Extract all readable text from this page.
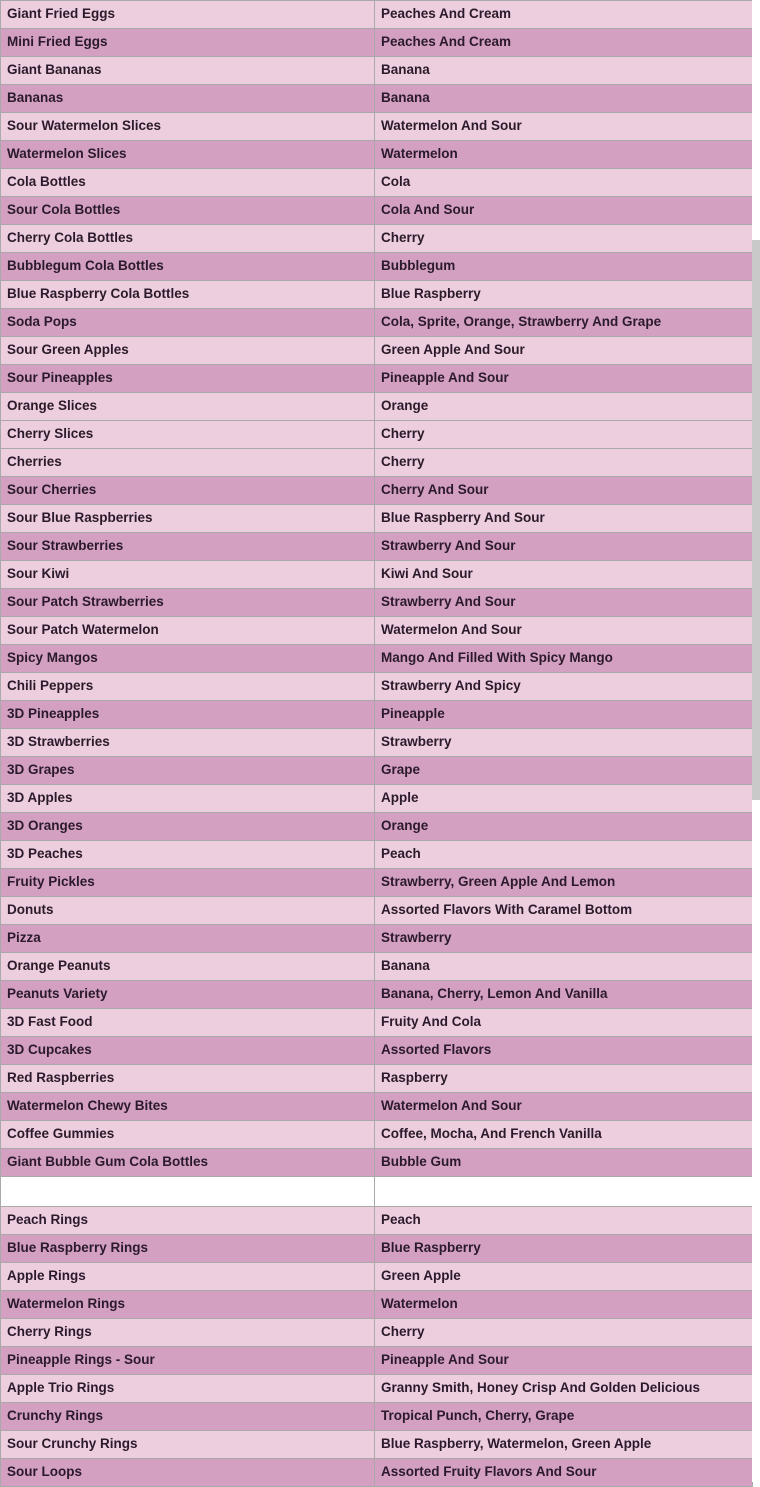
Giant Fried Eggs	Peaches And Cream
Mini Fried Eggs	Peaches And Cream
Giant Bananas	Banana
Bananas	Banana
Sour Watermelon Slices	Watermelon And Sour
Watermelon Slices	Watermelon
Cola Bottles	Cola
Sour Cola Bottles	Cola And Sour
Cherry Cola Bottles	Cherry
Bubblegum Cola Bottles	Bubblegum
Blue Raspberry Cola Bottles	Blue Raspberry
Soda Pops	Cola, Sprite, Orange, Strawberry And Grape
Sour Green Apples	Green Apple And Sour
Sour Pineapples	Pineapple And Sour
Orange Slices	Orange
Cherry Slices	Cherry
Cherries	Cherry
Sour Cherries	Cherry And Sour
Sour Blue Raspberries	Blue Raspberry And Sour
Sour Strawberries	Strawberry And Sour
Sour Kiwi	Kiwi And Sour
Sour Patch Strawberries	Strawberry And Sour
Sour Patch Watermelon	Watermelon And Sour
Spicy Mangos	Mango And Filled With Spicy Mango
Chili Peppers	Strawberry And Spicy
3D Pineapples	Pineapple
3D Strawberries	Strawberry
3D Grapes	Grape
3D Apples	Apple
3D Oranges	Orange
3D Peaches	Peach
Fruity Pickles	Strawberry, Green Apple And Lemon
Donuts	Assorted Flavors With Caramel Bottom
Pizza	Strawberry
Orange Peanuts	Banana
Peanuts Variety	Banana, Cherry, Lemon And Vanilla
3D Fast Food	Fruity And Cola
3D Cupcakes	Assorted Flavors
Red Raspberries	Raspberry
Watermelon Chewy Bites	Watermelon And Sour
Coffee Gummies	Coffee, Mocha, And French Vanilla
Giant Bubble Gum Cola Bottles	Bubble Gum

Peach Rings	Peach
Blue Raspberry Rings	Blue Raspberry
Apple Rings	Green Apple
Watermelon Rings	Watermelon
Cherry Rings	Cherry
Pineapple Rings - Sour	Pineapple And Sour
Apple Trio Rings	Granny Smith, Honey Crisp And Golden Delicious
Crunchy Rings	Tropical Punch, Cherry, Grape
Sour Crunchy Rings	Blue Raspberry, Watermelon, Green Apple
Sour Loops	Assorted Fruity Flavors And Sour
